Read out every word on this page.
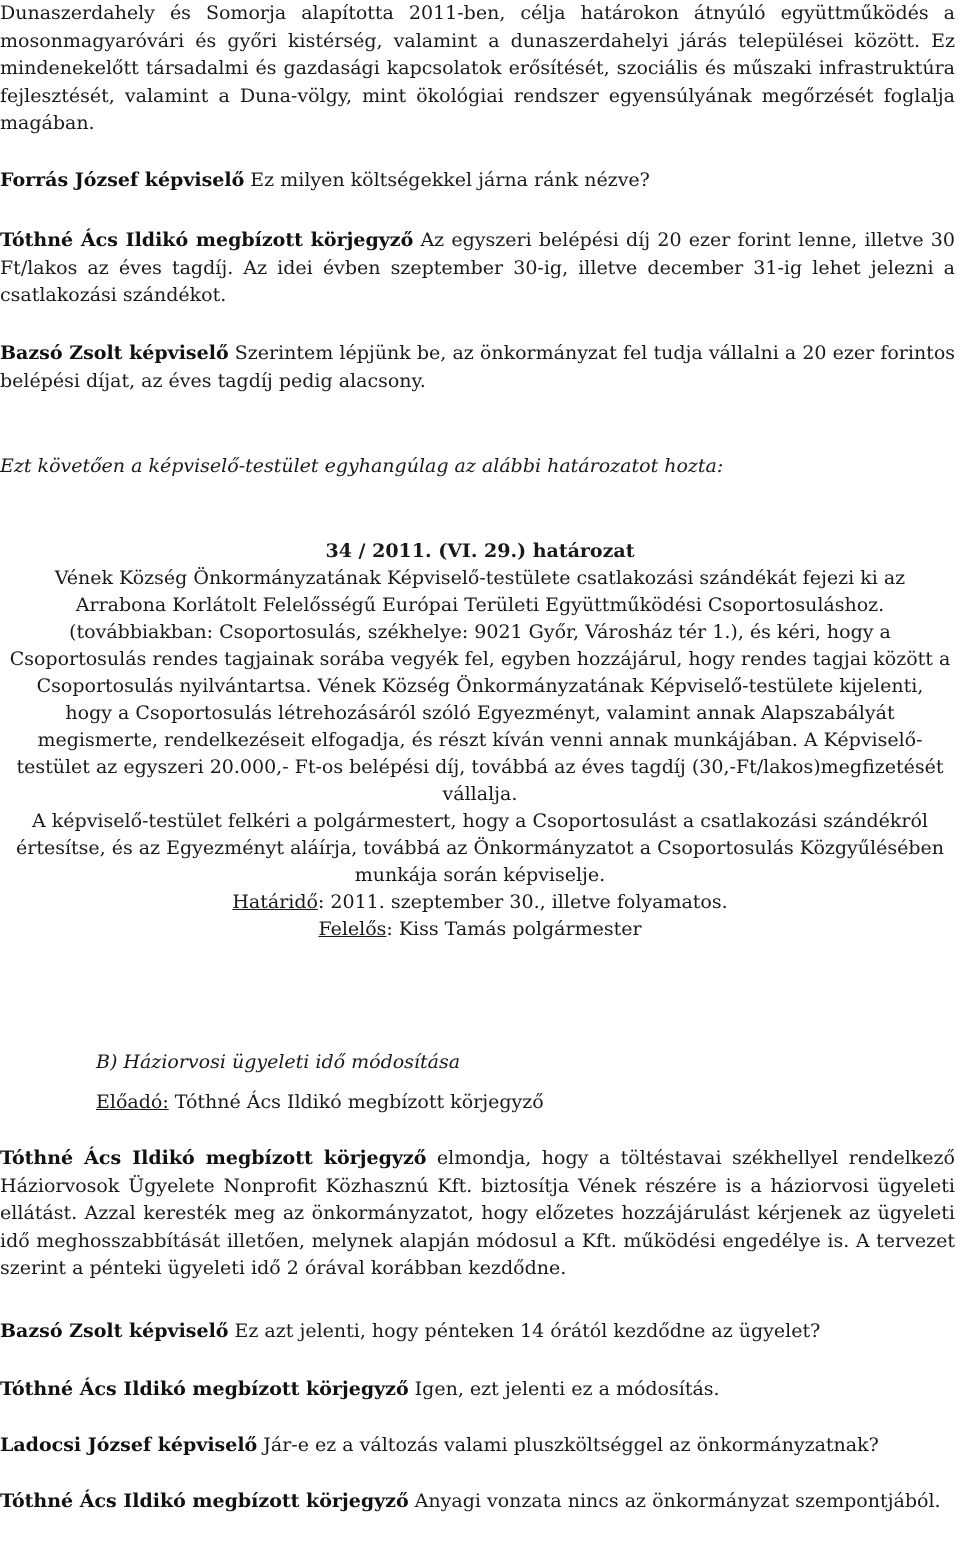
Dunaszerdahely és Somorja alapította 2011-ben, célja határokon átnyúló együttműködés a mosonmagyaróvári és győri kistérség, valamint a dunaszerdahelyi járás települései között. Ez mindenekelőtt társadalmi és gazdasági kapcsolatok erősítését, szociális és műszaki infrastruktúra fejlesztését, valamint a Duna-völgy, mint ökológiai rendszer egyensúlyának megőrzését foglalja magában.

Forrás József képviselő Ez milyen költségekkel járna ránk nézve?

Tóthné Ács Ildikó megbízott körjegyző Az egyszeri belépési díj 20 ezer forint lenne, illetve 30 Ft/lakos az éves tagdíj. Az idei évben szeptember 30-ig, illetve december 31-ig lehet jelezni a csatlakozási szándékot.

Bazsó Zsolt képviselő Szerintem lépjünk be, az önkormányzat fel tudja vállalni a 20 ezer forintos belépési díjat, az éves tagdíj pedig alacsony.

Ezt követően a képviselő-testület egyhangúlag az alábbi határozatot hozta:

34 / 2011. (VI. 29.) határozat
Vének Község Önkormányzatának Képviselő-testülete csatlakozási szándékát fejezi ki az
Arrabona Korlátolt Felelősségű Európai Területi Együttműködési Csoportosuláshoz.
(továbbiakban: Csoportosulás, székhelye: 9021 Győr, Városház tér 1.), és kéri, hogy a
Csoportosulás rendes tagjainak sorába vegyék fel, egyben hozzájárul, hogy rendes tagjai között a
Csoportosulás nyilvántartsa. Vének Község Önkormányzatának Képviselő-testülete kijelenti,
hogy a Csoportosulás létrehozásáról szóló Egyezményt, valamint annak Alapszabályát
megismerte, rendelkezéseit elfogadja, és részt kíván venni annak munkájában. A Képviselő-
testület az egyszeri 20.000,- Ft-os belépési díj, továbbá az éves tagdíj (30,-Ft/lakos)megfizetését
vállalja.
A képviselő-testület felkéri a polgármestert, hogy a Csoportosulást a csatlakozási szándékról
értesítse, és az Egyezményt aláírja, továbbá az Önkormányzatot a Csoportosulás Közgyűlésében
munkája során képviselje.
Határidő: 2011. szeptember 30., illetve folyamatos.
Felelős: Kiss Tamás polgármester

B) Háziorvosi ügyeleti idő módosítása

Előadó: Tóthné Ács Ildikó megbízott körjegyző

Tóthné Ács Ildikó megbízott körjegyző elmondja, hogy a töltéstavai székhellyel rendelkező Háziorvosok Ügyelete Nonprofit Közhasznú Kft. biztosítja Vének részére is a háziorvosi ügyeleti ellátást. Azzal keresték meg az önkormányzatot, hogy előzetes hozzájárulást kérjenek az ügyeleti idő meghosszabbítását illetően, melynek alapján módosul a Kft. működési engedélye is. A tervezet szerint a pénteki ügyeleti idő 2 órával korábban kezdődne.

Bazsó Zsolt képviselő Ez azt jelenti, hogy pénteken 14 órától kezdődne az ügyelet?

Tóthné Ács Ildikó megbízott körjegyző Igen, ezt jelenti ez a módosítás.

Ladocsi József képviselő Jár-e ez a változás valami pluszköltséggel az önkormányzatnak?

Tóthné Ács Ildikó megbízott körjegyző Anyagi vonzata nincs az önkormányzat szempontjából.
